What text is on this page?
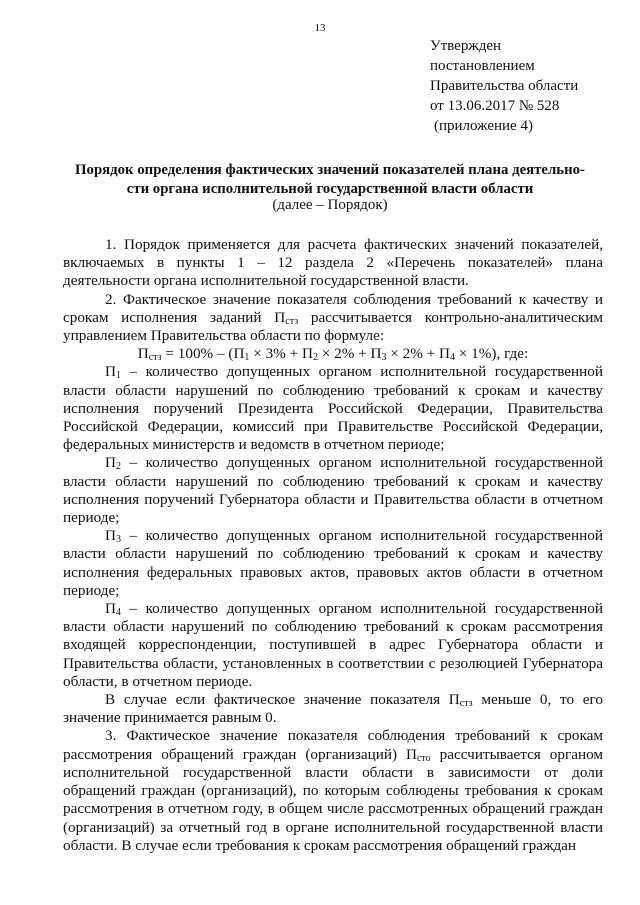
13
Утвержден
постановлением
Правительства области
от 13.06.2017 № 528
(приложение 4)
Порядок определения фактических значений показателей плана деятельно-
сти органа исполнительной государственной власти области
(далее – Порядок)

1. Порядок применяется для расчета фактических значений показателей, включаемых в пункты 1 – 12 раздела 2 «Перечень показателей» плана деятельности органа исполнительной государственной власти.

2. Фактическое значение показателя соблюдения требований к качеству и срокам исполнения заданий $П_{стз}$ рассчитывается контрольно-аналитическим управлением Правительства области по формуле:

$П_{стз} = 100\% - (П_1 \times 3\% + П_2 \times 2\% + П_3 \times 2\% + П_4 \times 1\%)$, где:

$П_1$ – количество допущенных органом исполнительной государственной власти области нарушений по соблюдению требований к срокам и качеству исполнения поручений Президента Российской Федерации, Правительства Российской Федерации, комиссий при Правительстве Российской Федерации, федеральных министерств и ведомств в отчетном периоде;

$П_2$ – количество допущенных органом исполнительной государственной власти области нарушений по соблюдению требований к срокам и качеству исполнения поручений Губернатора области и Правительства области в отчетном периоде;

$П_3$ – количество допущенных органом исполнительной государственной власти области нарушений по соблюдению требований к срокам и качеству исполнения федеральных правовых актов, правовых актов области в отчетном периоде;

$П_4$ – количество допущенных органом исполнительной государственной власти области нарушений по соблюдению требований к срокам рассмотрения входящей корреспонденции, поступившей в адрес Губернатора области и Правительства области, установленных в соответствии с резолюцией Губернатора области, в отчетном периоде.

В случае если фактическое значение показателя $П_{стз}$ меньше 0, то его значение принимается равным 0.

3. Фактическое значение показателя соблюдения требований к срокам рассмотрения обращений граждан (организаций) $П_{сто}$ рассчитывается органом исполнительной государственной власти области в зависимости от доли обращений граждан (организаций), по которым соблюдены требования к срокам рассмотрения в отчетном году, в общем числе рассмотренных обращений граждан (организаций) за отчетный год в органе исполнительной государственной власти области. В случае если требования к срокам рассмотрения обращений граждан
